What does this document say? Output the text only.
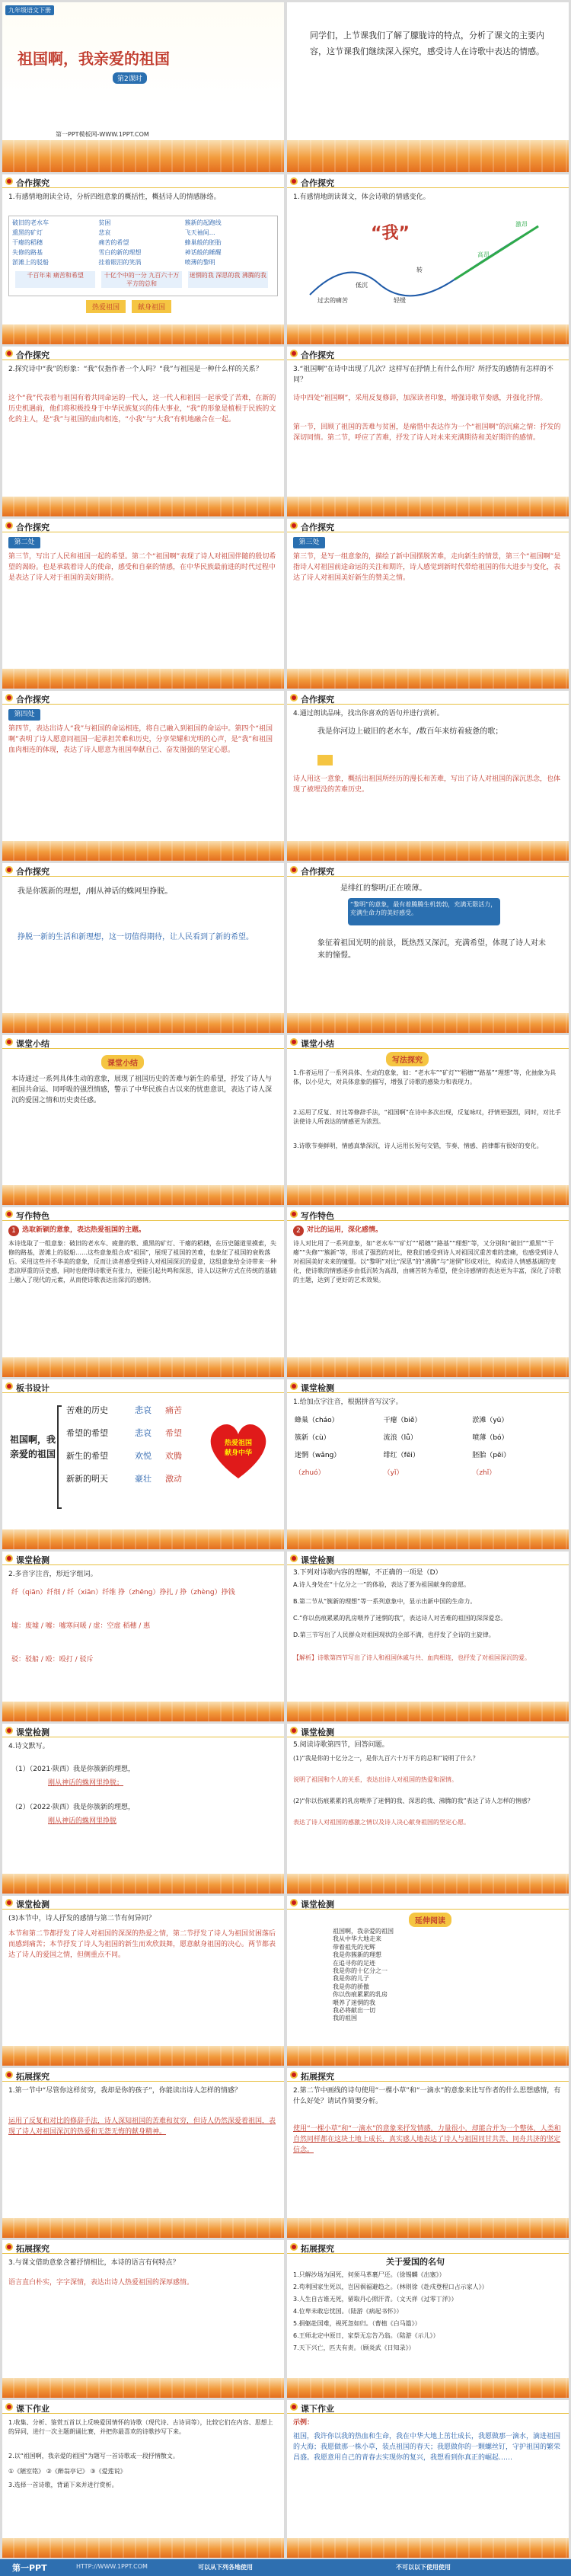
九年级语文下册
祖国啊，我亲爱的祖国
第2课时
第一PPT模板网-WWW.1PPT.COM
同学们，上节课我们了解了朦胧诗的特点，分析了课文的主要内容，这节课我们继续深入探究，感受诗人在诗歌中表达的情感。
合作探究
1.有感情地朗读全诗，分析四组意象的概括性，概括诗人的情感脉络。
破旧的老水车	贫困	簇新的起跑线
熏黑的矿灯	悲哀	飞天袖间…
干瘪的稻穗	痛苦的希望	蜂巢般的胚胎
失修的路基	雪白的新的理想	神话般的睡醒
淤滩上的驳船	挂着眼泪的笑涡	喷薄的黎明
千百年来 痛苦和希望	十亿个中的一分 九百六十万 平方的总和
迷惘的我 深思的我 沸腾的我
热爱祖国	献身祖国
合作探究
1.有感情地朗读课文，体会诗歌的情感变化。
“我”
过去的痛苦
低沉
转
轻缓
高昂
激昂
合作探究
2.探究诗中“我”的形象：“我”仅指作者一个人吗？“我”与祖国是一种什么样的关系？
这个“我”代表着与祖国有着共同命运的一代人，这一代人和祖国一起承受了苦难，在新的历史机遇前，他们将积极投身于中华民族复兴的伟大事业，“我”的形象是植根于民族的文化的主人，是“我”与祖国的血肉相连，“小我”与“大我”有机地融合在一起。
合作探究
3.“祖国啊”在诗中出现了几次？这样写在抒情上有什么作用？所抒发的感情有怎样的不同？
诗中四处“祖国啊”，采用反复修辞，加深读者印象，增强诗歌节奏感，并强化抒情。
第一节，回顾了祖国的苦难与贫困，是痛惜中表达作为一个“祖国啊”的沉痛之情：抒发的深切同情。第二节，呼应了苦难，抒发了诗人对未来充满期待和美好期许的感情。
合作探究
第二处
第三节，写出了人民和祖国一起的希望。第二个“祖国啊”表现了诗人对祖国伴随的殷切希望的渴盼。也是承载着诗人的使命，感受和自豪的情感，在中华民族最前进的时代过程中是表达了诗人对于祖国的美好期待。
合作探究
第三处
第三节，是写一组意象的，描绘了新中国摆脱苦难，走向新生的情景，第三个“祖国啊”是指诗人对祖国前途命运的关注和期许，诗人感觉到新时代带给祖国的伟大进步与变化，表达了诗人对祖国美好新生的赞美之情。
合作探究
第四处
第四节，表达出诗人“我”与祖国的命运相连，将自己融入到祖国的命运中。第四个“祖国啊”表明了诗人愿意同祖国一起承担苦难和历史，分享荣耀和光明的心声，是“我”和祖国血肉相连的体现，表达了诗人愿意为祖国奉献自己、奋发图强的坚定心愿。
合作探究
4.通过朗读品味，找出你喜欢的语句并进行赏析。
我是你河边上破旧的老水车，/数百年来纺着疲惫的歌；
诗人用这一意象，概括出祖国所经历的漫长和苦难，写出了诗人对祖国的深沉思念，也体现了被埋没的苦难历史。
合作探究
我是你簇新的理想，/刚从神话的蛛网里挣脱。
挣脱一新的生活和新理想，这一切值得期待，让人民看到了新的希望。
合作探究
是绯红的黎明/正在喷薄。
“黎明”的意象，最有着腾腾生机勃勃，充满无限活力，充满生命力的美好感受。
象征着祖国光明的前景，既热烈又深沉，充满希望，体现了诗人对未来的憧憬。
课堂小结
课堂小结
本诗通过一系列具体生动的意象，展现了祖国历史的苦难与新生的希望，抒发了诗人与祖国共命运、同呼吸的强烈情感，警示了中华民族自古以来的忧患意识，表达了诗人深沉的爱国之情和历史责任感。
课堂小结
写法探究
1.作者运用了一系列具体、生动的意象，如：“老水车”“矿灯”“稻穗”“路基”“理想”等，化抽象为具体，以小见大，对具体意象的描写，增强了诗歌的感染力和表现力。
2.运用了反复、对比等修辞手法，“祖国啊”在诗中多次出现，反复咏叹，抒情更强烈，同时，对比手法使诗人所表达的情感更为浓烈。
3.诗歌节奏鲜明，情感真挚深沉，诗人运用长短句交错，节奏、情感、韵律都有很好的变化。
写作特色
1 选取新颖的意象，表达热爱祖国的主题。
本诗选取了一组意象：破旧的老水车、疲惫的歌、熏黑的矿灯、干瘪的稻穗，在历史隧道里摸索，失修的路基，淤滩上的驳船……这些意象组合成“祖国”，展现了祖国的苦难，也象征了祖国的衰败落后。采用这些并不华美的意象，反而让读者感受到诗人对祖国深沉的爱意，这组意象给全诗带来一种悲凉厚重的历史感，同时也使得诗歌更有张力，更能引起共鸣和深思，诗人以这种方式在传统的基础上融入了现代的元素，从而使诗歌表达出深沉的感情。
写作特色
2 对比的运用，深化感情。
诗人对比用了一系列意象，如“老水车”“矿灯”“稻穗”“路基”“理想”等，又分别和“破旧”“熏黑”“干瘪”“失修”“簇新”等，形成了强烈的对比，使我们感受到诗人对祖国沉重苦难的悲痛，也感受到诗人对祖国美好未来的憧憬。以“黎明”对比“深思”的“沸腾”与“迷惘”形成对比，构成诗人情感基调的变化，使诗歌的情感逐步由低沉转为高昂，由痛苦转为希望，使全诗感情的表达更为丰富，深化了诗歌的主题，达到了更好的艺术效果。
板书设计
祖国啊，我亲爱的祖国
苦难的历史	悲哀	痛苦
希望的希望	悲哀	希望
新生的希望	欢悦	欢腾
新新的明天	豪壮	激动
热爱祖国
献身中华
课堂检测
1.给加点字注音，根据拼音写汉字。
蜂巢（cháo）	干瘪（biě）	淤滩（yū）
簇新（cù）	流浪（lǚ）	喷薄（bó）
迷惘（wǎng）	绯红（fēi）	胚胎（pēi）
（zhuó）	（yǐ）	（zhǐ）
课堂检测
2.多音字注音，形近字组词。
纤（qiān）纤细 / 纤（xiān）纤维 挣（zhēng）挣扎 / 挣（zhèng）挣钱
墟：废墟 / 嘘：嘘寒问暖 / 虚：空虚 稻穗 / 惠
驳：驳船 / 殴：殴打 / 驳斥
课堂检测
3.下列对诗歌内容的理解，不正确的一项是（D）
A.诗人身处在“十亿分之一”的体验，表达了要为祖国献身的意愿。
B.第二节从“簇新的理想”等一系列意象中，显示出新中国的生命力。
C.“你以伤痕累累的乳房喂养了迷惘的我”，表达诗人对苦难的祖国的深深爱恋。
D.第三节写出了人民群众对祖国现状的全部不满，也抒发了全诗的主旋律。
【解析】诗歌第四节写出了诗人和祖国休戚与共、血肉相连，也抒发了对祖国深沉的爱。
课堂检测
4.诗文默写。
（1）（2021·陕西）我是你簇新的理想，
刚从神话的蛛网里挣脱；
（2）（2022·陕西）我是你簇新的理想，
刚从神话的蛛网里挣脱
课堂检测
5.阅读诗歌第四节，回答问题。
(1)“我是你的十亿分之一，是你九百六十万平方的总和”说明了什么？
说明了祖国和个人的关系，表达出诗人对祖国的热爱和深情。
(2)“你以伤痕累累的乳房喂养了迷惘的我、深思的我、沸腾的我”表达了诗人怎样的情感？
表达了诗人对祖国的感激之情以及诗人决心献身祖国的坚定心愿。
课堂检测
(3)本节中，诗人抒发的感情与第二节有何异同？
本节和第二节都抒发了诗人对祖国的深深的热爱之情，第二节抒发了诗人为祖国贫困落后而感到痛苦；本节抒发了诗人为祖国的新生而欢欣鼓舞，愿意献身祖国的决心。两节都表达了诗人的爱国之情，但侧重点不同。
课堂检测
延伸阅读
祖国啊，我亲爱的祖国
我从中华大地走来
带着祖先的光辉
我是你簇新的理想
在追寻你的足迹
我是你的十亿分之一
我是你的儿子
我是你的骄傲
你以伤痕累累的乳房
喂养了迷惘的我
我必将献出一切
我的祖国
拓展探究
1.第一节中“尽管你这样贫穷，我却是你的孩子”，你能读出诗人怎样的情感？
运用了反复和对比的修辞手法，诗人深知祖国的苦难和贫穷，但诗人仍然深爱着祖国，表现了诗人对祖国深沉的热爱和无怨无悔的献身精神。
拓展探究
2.第二节中画线的诗句使用“一棵小草”和“一滴水”的意象来比写作者的什么思想感情，有什么好处？请试作简要分析。
使用“一棵小草”和“一滴水”的意象来抒发情感，力量很小，却能合并为一个整体，人类和自然同样都在这块土地上成长，真实感人地表达了诗人与祖国同甘共苦、同舟共济的坚定信念。
拓展探究
3.与课文借助意象含蓄抒情相比，本诗的语言有何特点？
语言直白朴实，字字深情，表达出诗人热爱祖国的深厚感情。
拓展探究
关于爱国的名句
1.只解沙场为国死，何须马革裹尸还。（徐锡麟《出塞》）
2.苟利国家生死以，岂因祸福避趋之。（林则徐《赴戍登程口占示家人》）
3.人生自古谁无死，留取丹心照汗青。（文天祥《过零丁洋》）
4.位卑未敢忘忧国。（陆游《病起书怀》）
5.捐躯赴国难，视死忽如归。（曹植《白马篇》）
6.王师北定中原日，家祭无忘告乃翁。（陆游《示儿》）
7.天下兴亡，匹夫有责。（顾炎武《日知录》）
课下作业
1.收集、分析、鉴赏五首以上反映爱国情怀的诗歌（现代诗、古诗词等），比较它们在内容、思想上的异同，进行一次主题朗诵比赛，并把你最喜欢的诗歌抄写下来。
2.以“祖国啊，我亲爱的祖国”为题写一首诗歌或一段抒情散文。
①《陋室铭》 ②《醉翁亭记》 ③《爱莲说》
3.选择一首诗歌，背诵下来并进行赏析。
课下作业
示例：
祖国，我许你以我的热血和生命，我在中华大地上茁壮成长，我愿做那一滴水，滴进祖国的大海；我愿做那一株小草，装点祖国的春天；我愿做你的一颗螺丝钉，守护祖国的繁荣昌盛。我愿意用自己的青春去实现你的复兴，我想看到你真正的崛起……
第一PPT	HTTP://WWW.1PPT.COM	可以从下列各地使用	不可以以下使用使用
